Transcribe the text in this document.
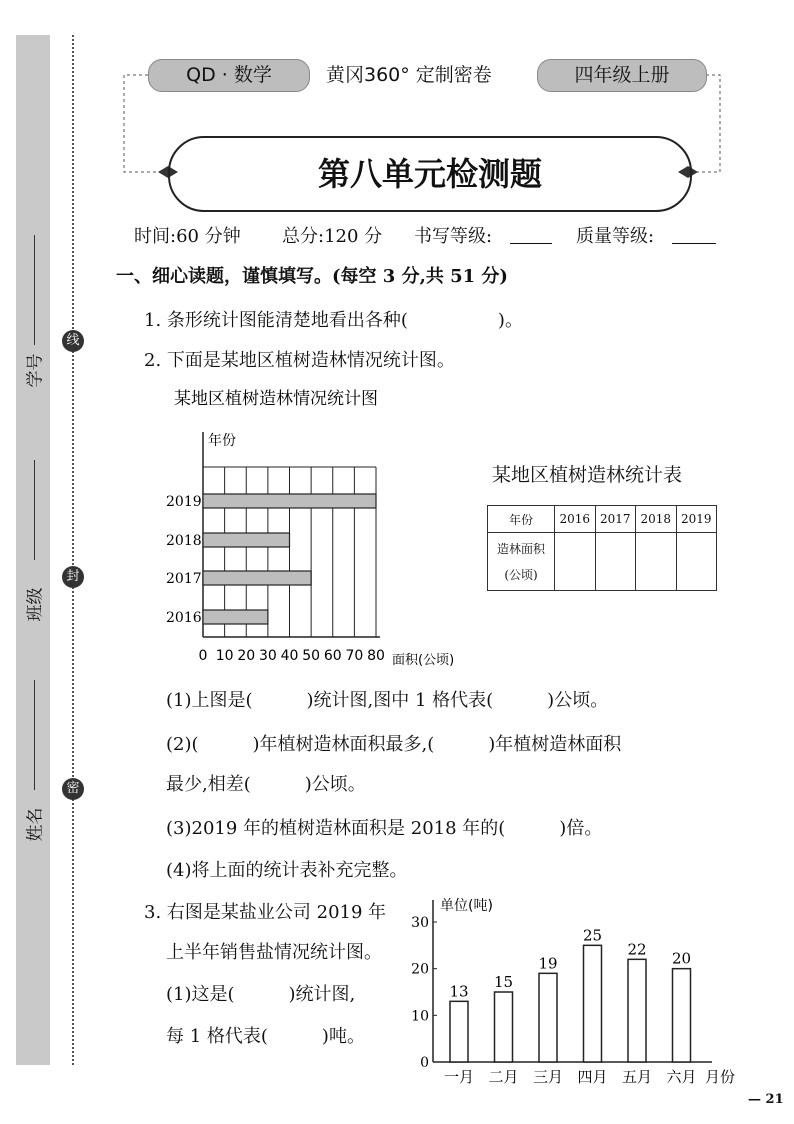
学号
班级
姓名
线
封
密
QD · 数学	黄冈360° 定制密卷	四年级上册
第八单元检测题
时间:60 分钟 总分:120 分 书写等级:	质量等级:
一、细心读题，谨慎填写。(每空 3 分,共 51 分)
1. 条形统计图能清楚地看出各种(　　　　　)。
2. 下面是某地区植树造林情况统计图。
某地区植树造林情况统计图
年份
2016
2017
2018
2019
0 10 20 30 40 50 60 70 80 面积(公顷)
某地区植树造林统计表
年份	2016	2017	2018	2019
造林面积
(公顷)				
(1)上图是(　　　)统计图,图中 1 格代表(　　　)公顷。
(2)(　　　)年植树造林面积最多,(　　　)年植树造林面积
最少,相差(　　　)公顷。
(3)2019 年的植树造林面积是 2018 年的(　　　)倍。
(4)将上面的统计表补充完整。
3. 右图是某盐业公司 2019 年
上半年销售盐情况统计图。
(1)这是(　　　)统计图,
每 1 格代表(　　　)吨。
单位(吨)
0
10
20
30
13
一月
15
二月
19
三月
25
四月
22
五月
20
六月 月份
— 21
